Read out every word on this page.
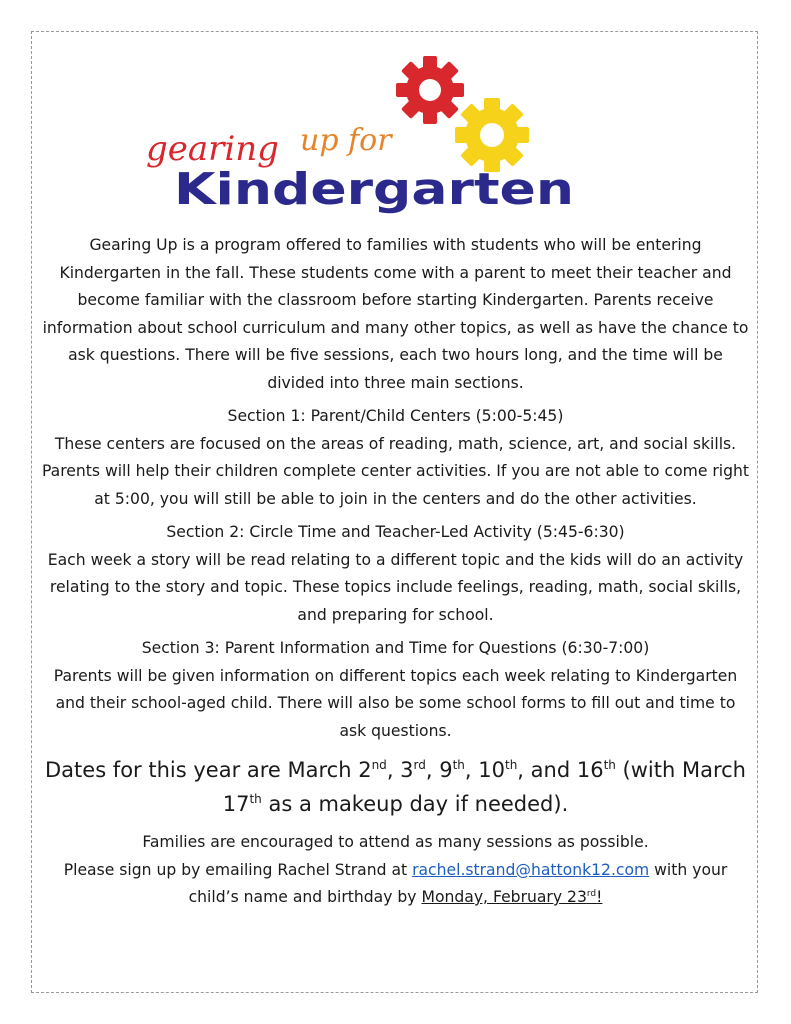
gearing up for
Kindergarten

Gearing Up is a program offered to families with students who will be entering Kindergarten in the fall. These students come with a parent to meet their teacher and become familiar with the classroom before starting Kindergarten. Parents receive information about school curriculum and many other topics, as well as have the chance to ask questions. There will be five sessions, each two hours long, and the time will be divided into three main sections.

Section 1: Parent/Child Centers (5:00-5:45)

These centers are focused on the areas of reading, math, science, art, and social skills. Parents will help their children complete center activities. If you are not able to come right at 5:00, you will still be able to join in the centers and do the other activities.

Section 2: Circle Time and Teacher-Led Activity (5:45-6:30)

Each week a story will be read relating to a different topic and the kids will do an activity relating to the story and topic. These topics include feelings, reading, math, social skills, and preparing for school.

Section 3: Parent Information and Time for Questions (6:30-7:00)

Parents will be given information on different topics each week relating to Kindergarten and their school-aged child. There will also be some school forms to fill out and time to ask questions.

Dates for this year are March 2nd, 3rd, 9th, 10th, and 16th (with March 17th as a makeup day if needed).

Families are encouraged to attend as many sessions as possible.

Please sign up by emailing Rachel Strand at rachel.strand@hattonk12.com with your child’s name and birthday by Monday, February 23rd!
